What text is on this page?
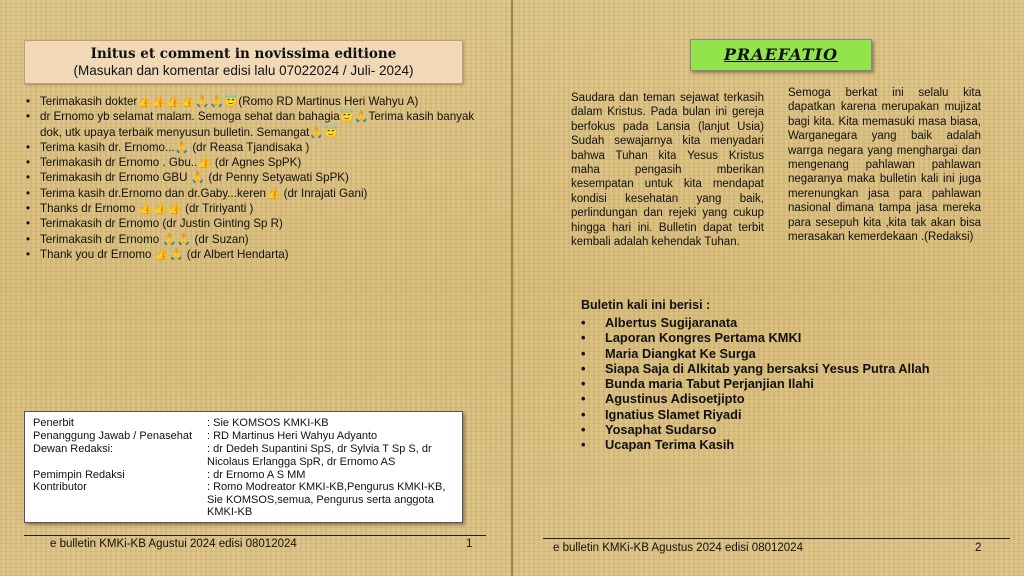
Initus et comment in novissima editione
(Masukan dan komentar edisi lalu 07022024 / Juli- 2024)
• Terimakasih dokter👍👍👍👍🙏🙏😇(Romo RD Martinus Heri Wahyu A)
• dr Ernomo yb selamat malam. Semoga sehat dan bahagia😇🙏Terima kasih banyak dok, utk upaya terbaik menyusun bulletin. Semangat🙏😇
• Terima kasih dr. Ernomo...🙏 (dr Reasa Tjandisaka )
• Terimakasih dr Ernomo . Gbu..👍 (dr Agnes SpPK)
• Terimakasih dr Ernomo GBU 🙏 (dr Penny Setyawati SpPK)
• Terima kasih dr.Ernomo dan dr.Gaby...keren👍 (dr Inrajati Gani)
• Thanks dr Ernomo 👍👍👍 (dr Tririyanti )
• Terimakasih dr Ernomo (dr Justin Ginting Sp R)
• Terimakasih dr Ernomo 🙏🙏 (dr Suzan)
• Thank you dr Ernomo 👍🙏 (dr Albert Hendarta)
Penerbit	: Sie KOMSOS KMKI-KB
Penanggung Jawab / Penasehat : RD Martinus Heri Wahyu Adyanto
Dewan Redaksi:	: dr Dedeh Supantini SpS, dr Sylvia T Sp S, dr Nicolaus Erlangga SpR, dr Ernomo AS
Pemimpin Redaksi	: dr Ernomo A S MM
Kontributor	: Romo Modreator KMKI-KB,Pengurus KMKI-KB, Sie KOMSOS,semua, Pengurus serta anggota KMKI-KB
e bulletin KMKi-KB Agustui 2024 edisi 08012024	1
PRAEFATIO
Saudara dan teman sejawat terkasih dalam Kristus. Pada bulan ini gereja berfokus pada Lansia (lanjut Usia) Sudah sewajarnya kita menyadari bahwa Tuhan kita Yesus Kristus maha pengasih mberikan kesempatan untuk kita mendapat kondisi kesehatan yang baik, perlindungan dan rejeki yang cukup hingga hari ini. Bulletin dapat terbit kembali adalah kehendak Tuhan.
Semoga berkat ini selalu kita dapatkan karena merupakan mujizat bagi kita. Kita memasuki masa biasa, Warganegara yang baik adalah warrga negara yang menghargai dan mengenang pahlawan pahlawan negaranya maka bulletin kali ini juga merenungkan jasa para pahlawan nasional dimana tampa jasa mereka para sesepuh kita ,kita tak akan bisa merasakan kemerdekaan .(Redaksi)
Buletin kali ini berisi :
• Albertus Sugijaranata
• Laporan Kongres Pertama KMKI
• Maria Diangkat Ke Surga
• Siapa Saja di Alkitab yang bersaksi Yesus Putra Allah
• Bunda maria Tabut Perjanjian Ilahi
• Agustinus Adisoetjipto
• Ignatius Slamet Riyadi
• Yosaphat Sudarso
• Ucapan Terima Kasih
e bulletin KMKi-KB Agustus 2024 edisi 08012024	2
